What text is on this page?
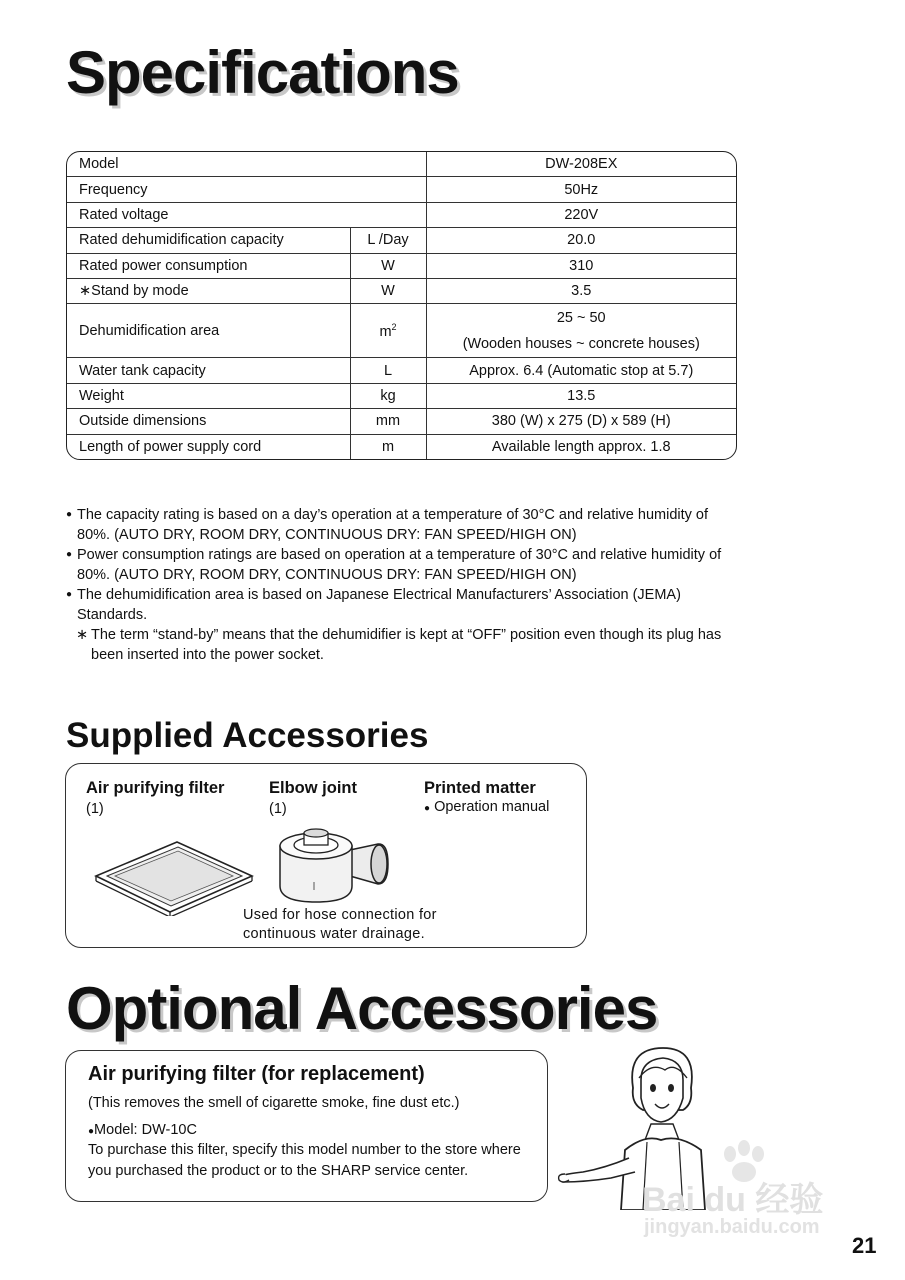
Specifications
Model		DW-208EX
Frequency		50Hz
Rated voltage		220V
Rated dehumidification capacity	L /Day	20.0
Rated power consumption	W	310
∗Stand by mode	W	3.5
Dehumidification area	$m^2$	25 ~ 50
(Wooden houses ~ concrete houses)

Water tank capacity	L	Approx. 6.4 (Automatic stop at 5.7)
Weight	kg	13.5
Outside dimensions	mm	380 (W) x 275 (D) x 589 (H)
Length of power supply cord	m	Available length approx. 1.8

● The capacity rating is based on a day’s operation at a temperature of 30°C and relative humidity of 80%. (AUTO DRY, ROOM DRY, CONTINUOUS DRY: FAN SPEED/HIGH ON)

● Power consumption ratings are based on operation at a temperature of 30°C and relative humidity of 80%. (AUTO DRY, ROOM DRY, CONTINUOUS DRY: FAN SPEED/HIGH ON)

● The dehumidification area is based on Japanese Electrical Manufacturers’ Association (JEMA) Standards.

∗ The term “stand-by” means that the dehumidifier is kept at “OFF” position even though its plug has been inserted into the power socket.

Supplied Accessories
Air purifying filter
(1)
Elbow joint
(1)
Printed matter
● Operation manual
Used for hose connection for continuous water drainage.
Optional Accessories
Air purifying filter (for replacement)
(This removes the smell of cigarette smoke, fine dust etc.)
●Model: DW-10C
To purchase this filter, specify this model number to the store where you purchased the product or to the SHARP service center.
Bai du 经验
jingyan.baidu.com
21
